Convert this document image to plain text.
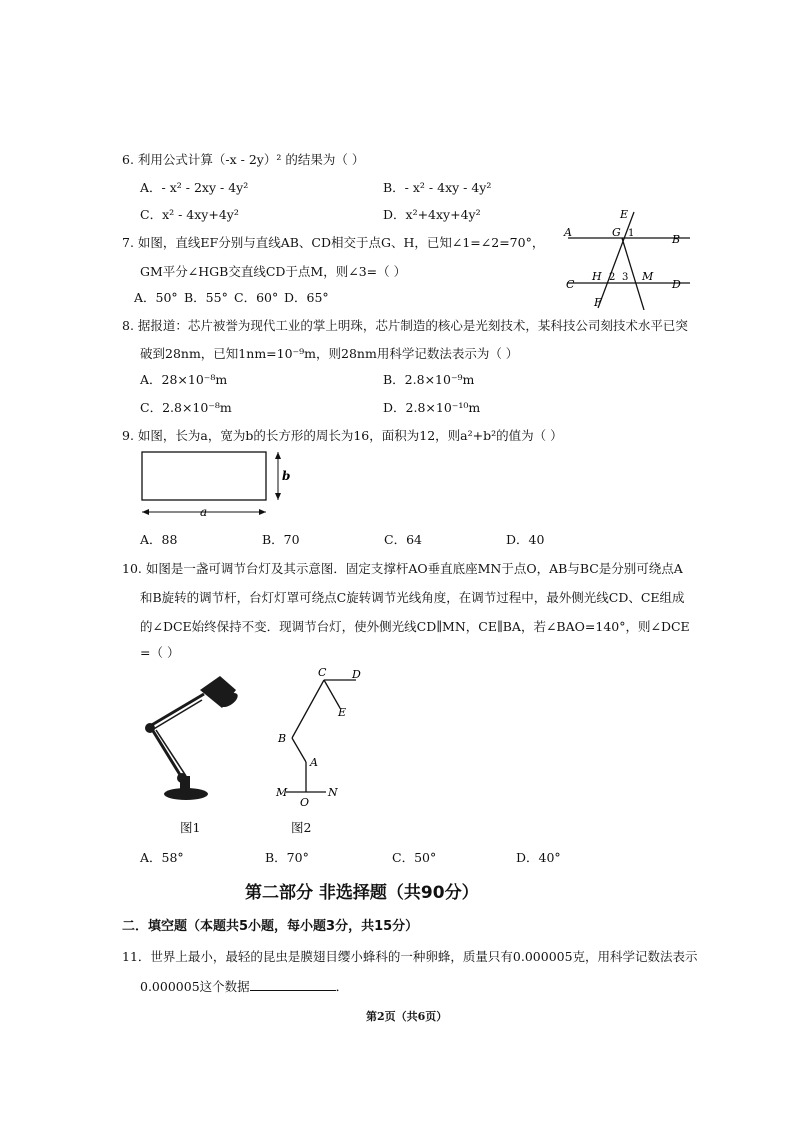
6. 利用公式计算（-x - 2y）² 的结果为（ ）
A．- x² - 2xy - 4y²	B．- x² - 4xy - 4y²
C．x² - 4xy+4y²	D．x²+4xy+4y²
7. 如图，直线EF分别与直线AB、CD相交于点G、H，已知∠1=∠2=70°，
GM平分∠HGB交直线CD于点M，则∠3=（ ）
A．50° B．55° C．60° D．65°
A
B
C	D
E
F
G
H	M
1
2 3
8. 据报道：芯片被誉为现代工业的掌上明珠，芯片制造的核心是光刻技术，某科技公司刻技术水平已突
破到28nm，已知1nm=10⁻⁹m，则28nm用科学记数法表示为（ ）
A．28×10⁻⁸m	B．2.8×10⁻⁹m
C．2.8×10⁻⁸m	D．2.8×10⁻¹⁰m
9. 如图，长为a，宽为b的长方形的周长为16，面积为12，则a²+b²的值为（ ）
b
a
A．88	B．70	C．64	D．40
10. 如图是一盏可调节台灯及其示意图．固定支撑杆AO垂直底座MN于点O，AB与BC是分别可绕点A
和B旋转的调节杆，台灯灯罩可绕点C旋转调节光线角度，在调节过程中，最外侧光线CD、CE组成
的∠DCE始终保持不变．现调节台灯，使外侧光线CD∥MN，CE∥BA，若∠BAO=140°，则∠DCE
=（ ）
图1
C D
E
B
A
M
O
N
图2
A．58°	B．70°	C．50°	D．40°
第二部分 非选择题（共90分）
二．填空题（本题共5小题，每小题3分，共15分）
11．世界上最小，最轻的昆虫是膜翅目缨小蜂科的一种卵蜂，质量只有0.000005克，用科学记数法表示
0.000005这个数据	．
第2页（共6页）
